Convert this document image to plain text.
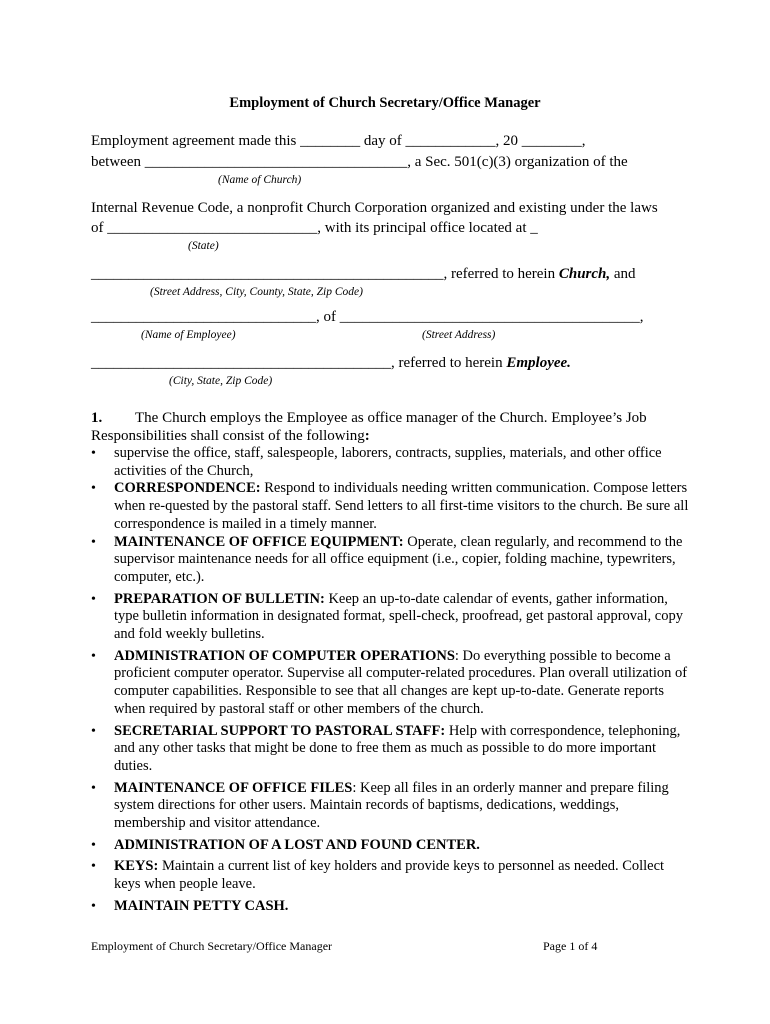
Employment of Church Secretary/Office Manager
Employment agreement made this ________ day of ____________, 20 ________,
between ___________________________________, a Sec. 501(c)(3) organization of the
(Name of Church)
Internal Revenue Code, a nonprofit Church Corporation organized and existing under the laws
of ____________________________, with its principal office located at _
(State)
_______________________________________________, referred to herein Church, and
(Street Address, City, County, State, Zip Code)
______________________________, of ________________________________________,
(Name of Employee)	(Street Address)
________________________________________, referred to herein Employee.
(City, State, Zip Code)
1. The Church employs the Employee as office manager of the Church. Employee’s Job Responsibilities shall consist of the following:
• supervise the office, staff, salespeople, laborers, contracts, supplies, materials, and other office activities of the Church,
• CORRESPONDENCE: Respond to individuals needing written communication. Compose letters when re-quested by the pastoral staff. Send letters to all first-time visitors to the church. Be sure all correspondence is mailed in a timely manner.
• MAINTENANCE OF OFFICE EQUIPMENT: Operate, clean regularly, and recommend to the supervisor maintenance needs for all office equipment (i.e., copier, folding machine, typewriters, computer, etc.).
• PREPARATION OF BULLETIN: Keep an up-to-date calendar of events, gather information, type bulletin information in designated format, spell-check, proofread, get pastoral approval, copy and fold weekly bulletins.
• ADMINISTRATION OF COMPUTER OPERATIONS: Do everything possible to become a proficient computer operator. Supervise all computer-related procedures. Plan overall utilization of computer capabilities. Responsible to see that all changes are kept up-to-date. Generate reports when required by pastoral staff or other members of the church.
• SECRETARIAL SUPPORT TO PASTORAL STAFF: Help with correspondence, telephoning, and any other tasks that might be done to free them as much as possible to do more important duties.
• MAINTENANCE OF OFFICE FILES: Keep all files in an orderly manner and prepare filing system directions for other users. Maintain records of baptisms, dedications, weddings, membership and visitor attendance.
• ADMINISTRATION OF A LOST AND FOUND CENTER.
• KEYS: Maintain a current list of key holders and provide keys to personnel as needed. Collect keys when people leave.
• MAINTAIN PETTY CASH.
Employment of Church Secretary/Office Manager	Page 1 of 4
